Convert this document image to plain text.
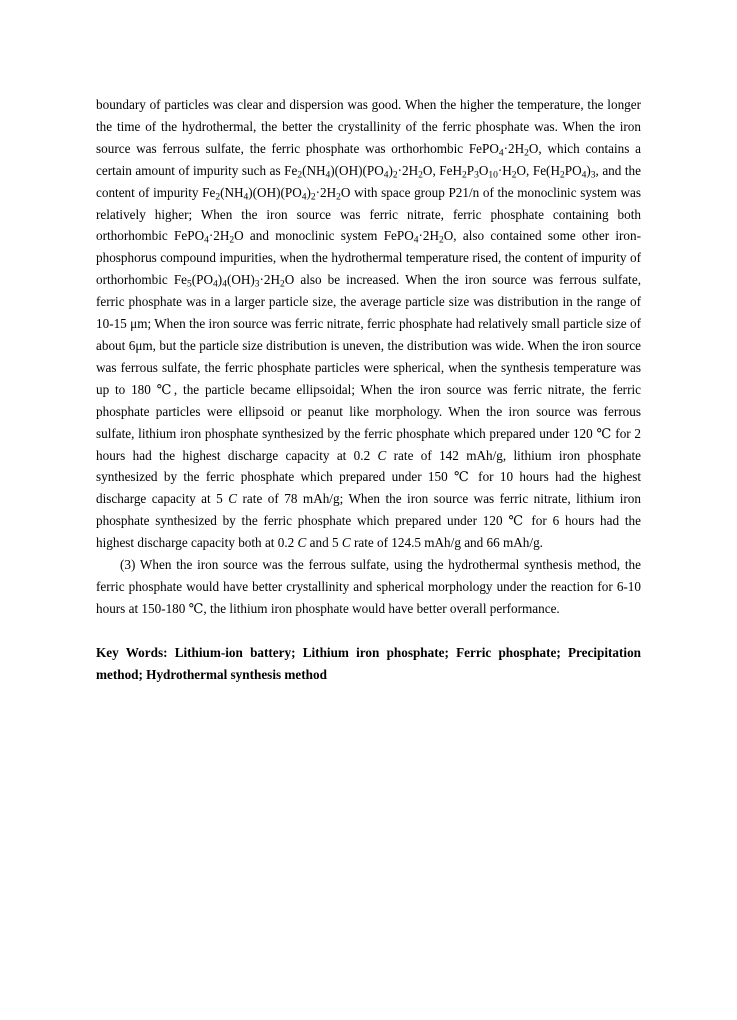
boundary of particles was clear and dispersion was good. When the higher the temperature, the longer the time of the hydrothermal, the better the crystallinity of the ferric phosphate was. When the iron source was ferrous sulfate, the ferric phosphate was orthorhombic $FePO_4\cdot 2H_2O$, which contains a certain amount of impurity such as $Fe_2(NH_4)(OH)(PO_4)_2\cdot 2H_2O$, $FeH_2P_3O_{10}\cdot H_2O$, $Fe(H_2PO_4)_3$, and the content of impurity $Fe_2(NH_4)(OH)(PO_4)_2\cdot 2H_2O$ with space group P21/n of the monoclinic system was relatively higher; When the iron source was ferric nitrate, ferric phosphate containing both orthorhombic $FePO_4\cdot 2H_2O$ and monoclinic system $FePO_4\cdot 2H_2O$, also contained some other iron-phosphorus compound impurities, when the hydrothermal temperature rised, the content of impurity of orthorhombic $Fe_5(PO_4)_4(OH)_3\cdot 2H_2O$ also be increased. When the iron source was ferrous sulfate, ferric phosphate was in a larger particle size, the average particle size was distribution in the range of 10-15 μm; When the iron source was ferric nitrate, ferric phosphate had relatively small particle size of about 6μm, but the particle size distribution is uneven, the distribution was wide. When the iron source was ferrous sulfate, the ferric phosphate particles were spherical, when the synthesis temperature was up to 180 ℃, the particle became ellipsoidal; When the iron source was ferric nitrate, the ferric phosphate particles were ellipsoid or peanut like morphology. When the iron source was ferrous sulfate, lithium iron phosphate synthesized by the ferric phosphate which prepared under 120 ℃ for 2 hours had the highest discharge capacity at 0.2 C rate of 142 mAh/g, lithium iron phosphate synthesized by the ferric phosphate which prepared under 150 ℃ for 10 hours had the highest discharge capacity at 5 C rate of 78 mAh/g; When the iron source was ferric nitrate, lithium iron phosphate synthesized by the ferric phosphate which prepared under 120 ℃ for 6 hours had the highest discharge capacity both at 0.2 C and 5 C rate of 124.5 mAh/g and 66 mAh/g.

(3) When the iron source was the ferrous sulfate, using the hydrothermal synthesis method, the ferric phosphate would have better crystallinity and spherical morphology under the reaction for 6-10 hours at 150-180 ℃, the lithium iron phosphate would have better overall performance.

Key Words: Lithium-ion battery; Lithium iron phosphate; Ferric phosphate; Precipitation method; Hydrothermal synthesis method
